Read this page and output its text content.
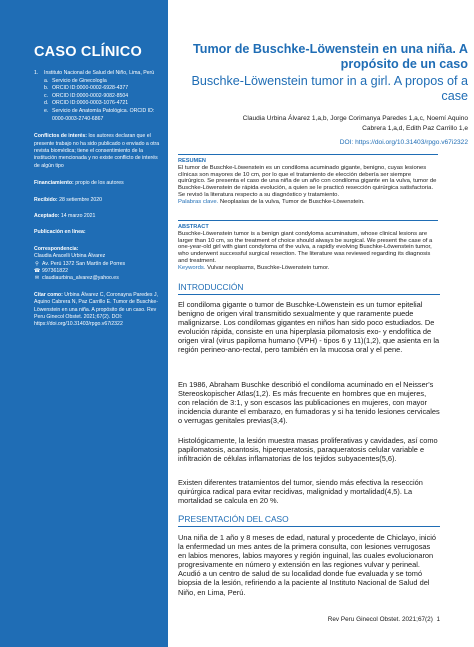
CASO CLÍNICO
1.	Instituto Nacional de Salud del Niño, Lima, Perú
a. Servicio de Ginecología
b. ORCID ID:0000-0002-6928-4377
c. ORCID ID:0000-0002-9082-8504
d. ORCID ID:0000-0003-1076-4721
e. Servicio de Anatomía Patológica. ORCID ID: 0000-0003-2740-6867
Conflictos de interés: los autores declaran que el presente trabajo no ha sido publicado o enviado a otra revista biomédica; tiene el consentimiento de la institución mencionada y no existe conflicto de interés de algún tipo
Financiamiento: propio de los autores
Recibido: 28 setiembre 2020
Aceptado: 14 marzo 2021
Publicación en línea:
Correspondencia:
Claudia Aracelli Urbina Álvarez
⚲ Av. Perú 1372 San Martín de Porres
☎ 997361822
✉ claudiaurbina_alvarez@yahoo.es
Citar como: Urbina Álvarez C, Coronayna Paredes J, Aquino Cabrera N, Paz Carrillo E. Tumor de Buschke-Löwenstein en una niña. A propósito de un caso. Rev Peru Ginecol Obstet. 2021;67(2). DOI: https://doi.org/10.31403/rpgo.v67i2322
Tumor de Buschke-Löwenstein en una niña. A propósito de un caso
Buschke-Löwenstein tumor in a girl. A propos of a case
Claudia Urbina Álvarez 1,a,b, Jorge Corimanya Paredes 1,a,c, Noemí Aquino
Cabrera 1,a,d, Edith Paz Carrillo 1,e
DOI: https://doi.org/10.31403/rpgo.v67i2322
RESUMEN
El tumor de Buschke-Löwenstein es un condiloma acuminado gigante, benigno, cuyas lesiones clínicas son mayores de 10 cm, por lo que el tratamiento de elección debería ser siempre quirúrgico. Se presenta el caso de una niña de un año con condiloma gigante en la vulva, tumor de Buschke-Löwenstein de rápida evolución, a quien se le practicó resección quirúrgica satisfactoria. Se revisó la literatura respecto a su diagnóstico y tratamiento.
Palabras clave. Neoplasias de la vulva, Tumor de Buschke-Löwenstein.
ABSTRACT
Buschke-Löwenstein tumor is a benign giant condyloma acuminatum, whose clinical lesions are larger than 10 cm, so the treatment of choice should always be surgical. We present the case of a one-year-old girl with giant condyloma of the vulva, a rapidly evolving Buschke-Löwenstein tumor, who underwent successful surgical resection. The literature was reviewed regarding its diagnosis and treatment.
Keywords. Vulvar neoplasms, Buschke-Löwenstein tumor.
INTRODUCCIÓN
El condiloma gigante o tumor de Buschke-Löwenstein es un tumor epitelial benigno de origen viral transmitido sexualmente y que raramente puede malignizarse. Los condilomas gigantes en niños han sido poco estudiados. De evolución rápida, consiste en una hiperplasia pilomatosis exo- y endofítica de origen viral (virus papiloma humano (VPH) - tipos 6 y 11)(1,2), que asienta en la región perineo-ano-rectal, pero también en la mucosa oral y el pene.
En 1986, Abraham Buschke describió el condiloma acuminado en el Neisser's Stereoskopischer Atlas(1,2). Es más frecuente en hombres que en mujeres, con relación de 3:1, y son escasos las publicaciones en mujeres, con mayor incidencia durante el embarazo, en fumadoras y si ha tenido lesiones cervicales o verrugas genitales previas(3,4).
Histológicamente, la lesión muestra masas proliferativas y cavidades, así como papilomatosis, acantosis, hiperqueratosis, paraqueratosis celular variable e infiltración de células inflamatorias de los tejidos subyacentes(5,6).
Existen diferentes tratamientos del tumor, siendo más efectiva la resección quirúrgica radical para evitar recidivas, malignidad y mortalidad(4,5). La mortalidad se calcula en 20 %.
PRESENTACIÓN DEL CASO
Una niña de 1 año y 8 meses de edad, natural y procedente de Chiclayo, inició la enfermedad un mes antes de la primera consulta, con lesiones verrugosas en labios menores, labios mayores y región inguinal, las cuales evolucionaron progresivamente en número y extensión en las regiones vulvar y perineal. Acudió a un centro de salud de su localidad donde fue evaluada y se tomó biopsia de la lesión, refiriendo a la paciente al Instituto Nacional de Salud del Niño, en Lima, Perú.
Rev Peru Ginecol Obstet. 2021;67(2) 1
